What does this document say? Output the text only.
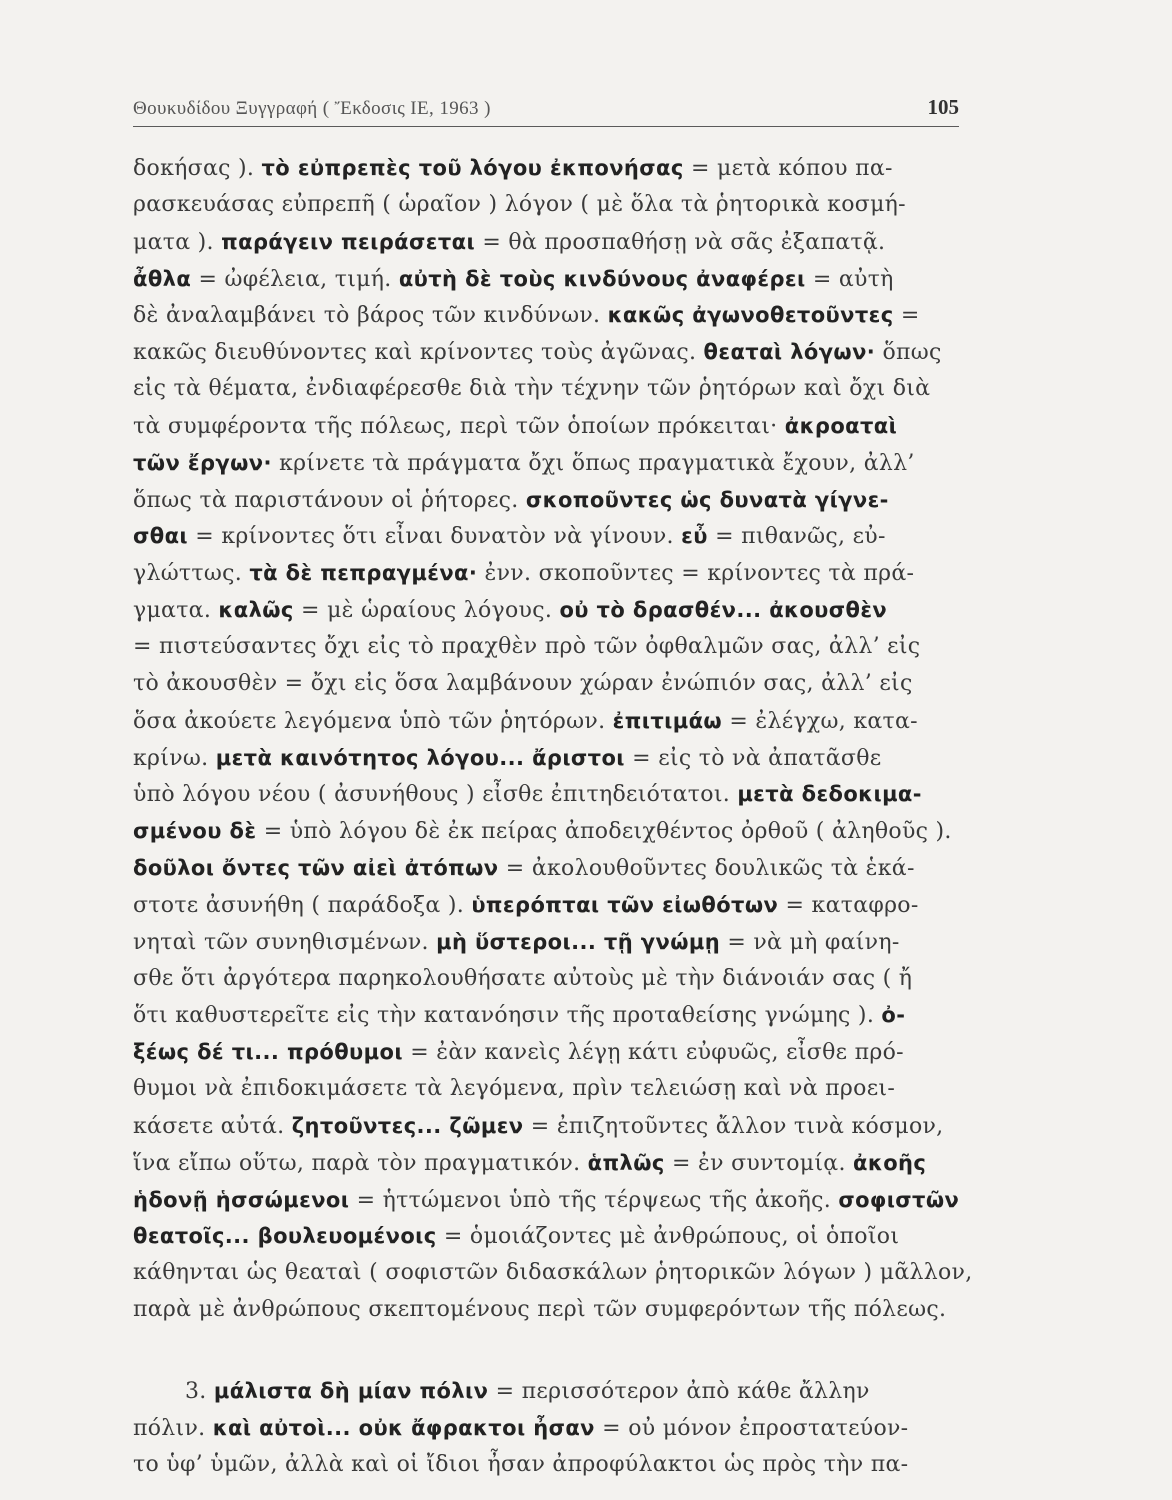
Θουκυδίδου Ξυγγραφή ( Ἔκδοσις ΙΕ, 1963 )	105
δοκήσας ). τὸ εὐπρεπὲς τοῦ λόγου ἐκπονήσας = μετὰ κόπου πα-
ρασκευάσας εὐπρεπῆ ( ὡραῖον ) λόγον ( μὲ ὅλα τὰ ῥητορικὰ κοσμή-
ματα ). παράγειν πειράσεται = θὰ προσπαθήσῃ νὰ σᾶς ἐξαπατᾷ.
ἆθλα = ὠφέλεια, τιμή. αὐτὴ δὲ τοὺς κινδύνους ἀναφέρει = αὐτὴ
δὲ ἀναλαμβάνει τὸ βάρος τῶν κινδύνων. κακῶς ἀγωνοθετοῦντες =
κακῶς διευθύνοντες καὶ κρίνοντες τοὺς ἀγῶνας. θεαταὶ λόγων· ὅπως
εἰς τὰ θέματα, ἐνδιαφέρεσθε διὰ τὴν τέχνην τῶν ῥητόρων καὶ ὄχι διὰ
τὰ συμφέροντα τῆς πόλεως, περὶ τῶν ὁποίων πρόκειται· ἀκροαταὶ
τῶν ἔργων· κρίνετε τὰ πράγματα ὄχι ὅπως πραγματικὰ ἔχουν, ἀλλ’
ὅπως τὰ παριστάνουν οἱ ῥήτορες. σκοποῦντες ὡς δυνατὰ γίγνε-
σθαι = κρίνοντες ὅτι εἶναι δυνατὸν νὰ γίνουν. εὖ = πιθανῶς, εὐ-
γλώττως. τὰ δὲ πεπραγμένα· ἐνν. σκοποῦντες = κρίνοντες τὰ πρά-
γματα. καλῶς = μὲ ὡραίους λόγους. οὐ τὸ δρασθέν... ἀκουσθὲν
= πιστεύσαντες ὄχι εἰς τὸ πραχθὲν πρὸ τῶν ὀφθαλμῶν σας, ἀλλ’ εἰς
τὸ ἀκουσθὲν = ὄχι εἰς ὅσα λαμβάνουν χώραν ἐνώπιόν σας, ἀλλ’ εἰς
ὅσα ἀκούετε λεγόμενα ὑπὸ τῶν ῥητόρων. ἐπιτιμάω = ἐλέγχω, κατα-
κρίνω. μετὰ καινότητος λόγου... ἄριστοι = εἰς τὸ νὰ ἀπατᾶσθε
ὑπὸ λόγου νέου ( ἀσυνήθους ) εἶσθε ἐπιτηδειότατοι. μετὰ δεδοκιμα-
σμένου δὲ = ὑπὸ λόγου δὲ ἐκ πείρας ἀποδειχθέντος ὀρθοῦ ( ἀληθοῦς ).
δοῦλοι ὄντες τῶν αἰεὶ ἀτόπων = ἀκολουθοῦντες δουλικῶς τὰ ἑκά-
στοτε ἀσυνήθη ( παράδοξα ). ὑπερόπται τῶν εἰωθότων = καταφρο-
νηταὶ τῶν συνηθισμένων. μὴ ὕστεροι... τῇ γνώμῃ = νὰ μὴ φαίνη-
σθε ὅτι ἀργότερα παρηκολουθήσατε αὐτοὺς μὲ τὴν διάνοιάν σας ( ἤ
ὅτι καθυστερεῖτε εἰς τὴν κατανόησιν τῆς προταθείσης γνώμης ). ὀ-
ξέως δέ τι... πρόθυμοι = ἐὰν κανεὶς λέγῃ κάτι εὐφυῶς, εἶσθε πρό-
θυμοι νὰ ἐπιδοκιμάσετε τὰ λεγόμενα, πρὶν τελειώσῃ καὶ νὰ προει-
κάσετε αὐτά. ζητοῦντες... ζῶμεν = ἐπιζητοῦντες ἄλλον τινὰ κόσμον,
ἵνα εἴπω οὕτω, παρὰ τὸν πραγματικόν. ἁπλῶς = ἐν συντομίᾳ. ἀκοῆς
ἡδονῇ ἡσσώμενοι = ἡττώμενοι ὑπὸ τῆς τέρψεως τῆς ἀκοῆς. σοφιστῶν
θεατοῖς... βουλευομένοις = ὁμοιάζοντες μὲ ἀνθρώπους, οἱ ὁποῖοι
κάθηνται ὡς θεαταὶ ( σοφιστῶν διδασκάλων ῥητορικῶν λόγων ) μᾶλλον,
παρὰ μὲ ἀνθρώπους σκεπτομένους περὶ τῶν συμφερόντων τῆς πόλεως.
3. μάλιστα δὴ μίαν πόλιν = περισσότερον ἀπὸ κάθε ἄλλην
πόλιν. καὶ αὐτοὶ... οὐκ ἄφρακτοι ἦσαν = οὐ μόνον ἐπροστατεύον-
το ὑφ’ ὑμῶν, ἀλλὰ καὶ οἱ ἴδιοι ἦσαν ἀπροφύλακτοι ὡς πρὸς τὴν πα-
